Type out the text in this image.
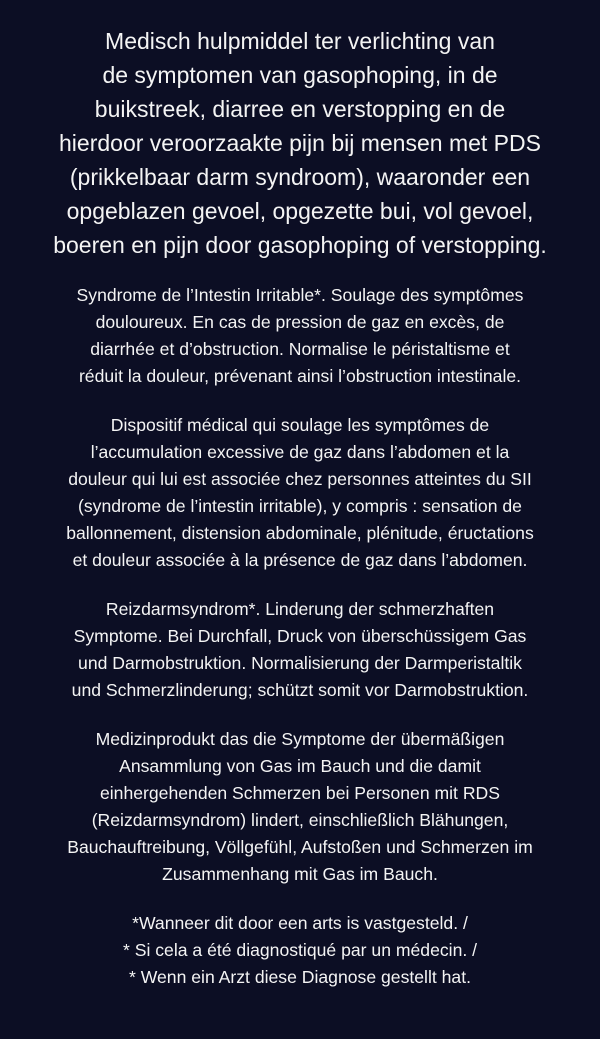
Medisch hulpmiddel ter verlichting van
de symptomen van gasophoping, in de
buikstreek, diarree en verstopping en de
hierdoor veroorzaakte pijn bij mensen met PDS
(prikkelbaar darm syndroom), waaronder een
opgeblazen gevoel, opgezette bui, vol gevoel,
boeren en pijn door gasophoping of verstopping.
Syndrome de l’Intestin Irritable*. Soulage des symptômes
douloureux. En cas de pression de gaz en excès, de
diarrhée et d’obstruction. Normalise le péristaltisme et
réduit la douleur, prévenant ainsi l’obstruction intestinale.
Dispositif médical qui soulage les symptômes de
l’accumulation excessive de gaz dans l’abdomen et la
douleur qui lui est associée chez personnes atteintes du SII
(syndrome de l’intestin irritable), y compris : sensation de
ballonnement, distension abdominale, plénitude, éructations
et douleur associée à la présence de gaz dans l’abdomen.
Reizdarmsyndrom*. Linderung der schmerzhaften
Symptome. Bei Durchfall, Druck von überschüssigem Gas
und Darmobstruktion. Normalisierung der Darmperistaltik
und Schmerzlinderung; schützt somit vor Darmobstruktion.
Medizinprodukt das die Symptome der übermäßigen
Ansammlung von Gas im Bauch und die damit
einhergehenden Schmerzen bei Personen mit RDS
(Reizdarmsyndrom) lindert, einschließlich Blähungen,
Bauchauftreibung, Völlgefühl, Aufstoßen und Schmerzen im
Zusammenhang mit Gas im Bauch.
*Wanneer dit door een arts is vastgesteld. /
* Si cela a été diagnostiqué par un médecin. /
* Wenn ein Arzt diese Diagnose gestellt hat.
